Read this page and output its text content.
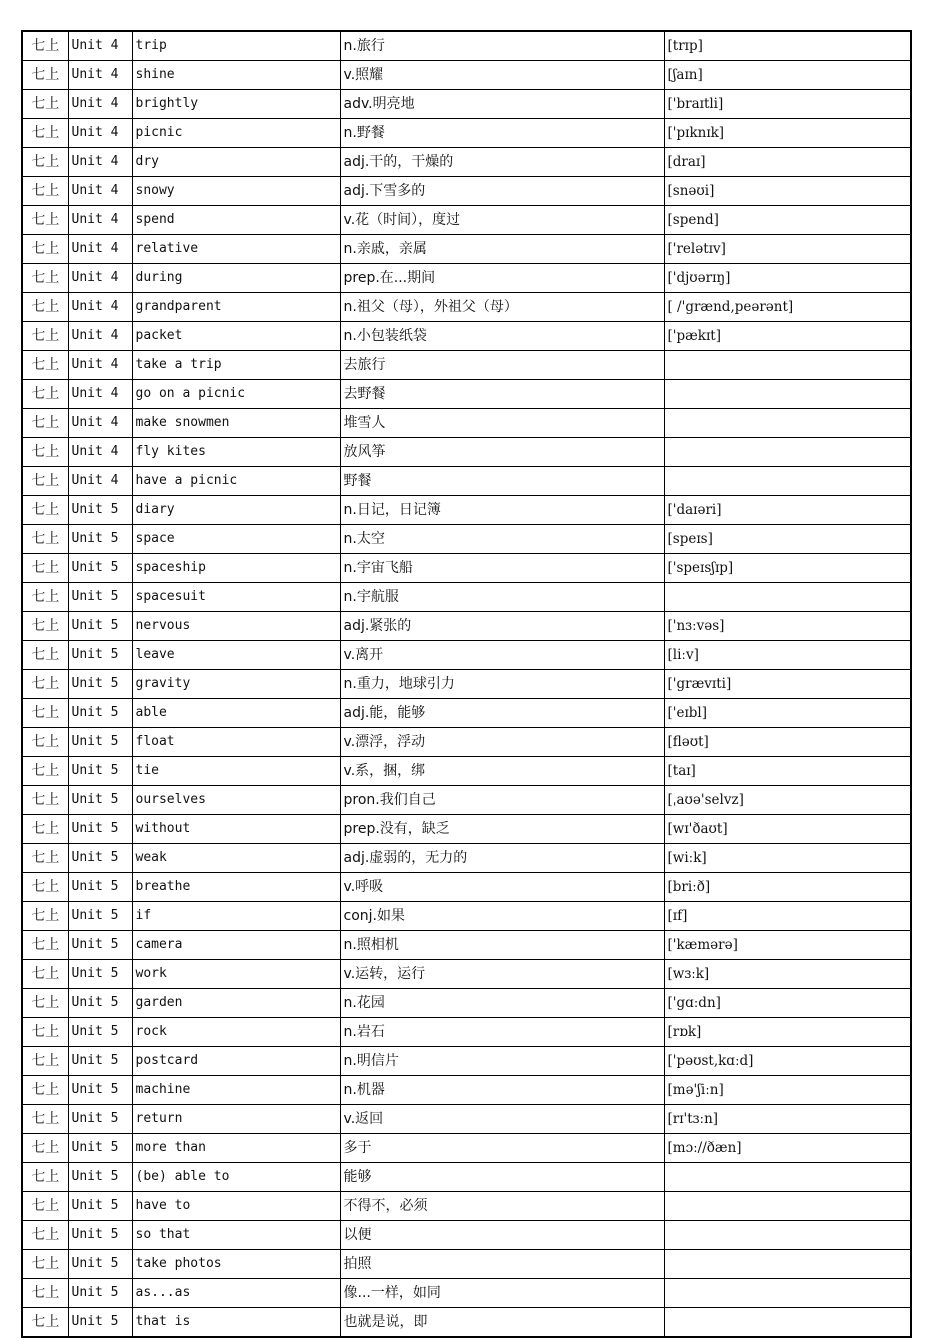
七上	Unit 4	trip	n.旅行	[trɪp]
七上	Unit 4	shine	v.照耀	[ʃaɪn]
七上	Unit 4	brightly	adv.明亮地	['braɪtli]
七上	Unit 4	picnic	n.野餐	['pɪknɪk]
七上	Unit 4	dry	adj.干的，干燥的	[draɪ]
七上	Unit 4	snowy	adj.下雪多的	[snəʊi]
七上	Unit 4	spend	v.花（时间），度过	[spend]
七上	Unit 4	relative	n.亲戚，亲属	['relətɪv]
七上	Unit 4	during	prep.在...期间	['djʊərɪŋ]
七上	Unit 4	grandparent	n.祖父（母），外祖父（母）	[ /'grænd,peərənt]
七上	Unit 4	packet	n.小包装纸袋	['pækɪt]
七上	Unit 4	take a trip	去旅行	
七上	Unit 4	go on a picnic	去野餐	
七上	Unit 4	make snowmen	堆雪人	
七上	Unit 4	fly kites	放风筝	
七上	Unit 4	have a picnic	野餐	
七上	Unit 5	diary	n.日记，日记簿	['daɪəri]
七上	Unit 5	space	n.太空	[speɪs]
七上	Unit 5	spaceship	n.宇宙飞船	['speɪsʃɪp]
七上	Unit 5	spacesuit	n.宇航服	
七上	Unit 5	nervous	adj.紧张的	['nɜːvəs]
七上	Unit 5	leave	v.离开	[liːv]
七上	Unit 5	gravity	n.重力，地球引力	['grævɪti]
七上	Unit 5	able	adj.能，能够	['eɪbl]
七上	Unit 5	float	v.漂浮，浮动	[fləʊt]
七上	Unit 5	tie	v.系，捆，绑	[taɪ]
七上	Unit 5	ourselves	pron.我们自己	[ˌaʊə'selvz]
七上	Unit 5	without	prep.没有，缺乏	[wɪ'ðaʊt]
七上	Unit 5	weak	adj.虚弱的，无力的	[wiːk]
七上	Unit 5	breathe	v.呼吸	[briːð]
七上	Unit 5	if	conj.如果	[ɪf]
七上	Unit 5	camera	n.照相机	['kæmərə]
七上	Unit 5	work	v.运转，运行	[wɜːk]
七上	Unit 5	garden	n.花园	['gɑːdn]
七上	Unit 5	rock	n.岩石	[rɒk]
七上	Unit 5	postcard	n.明信片	['pəʊst,kɑːd]
七上	Unit 5	machine	n.机器	[mə'ʃiːn]
七上	Unit 5	return	v.返回	[rɪ'tɜːn]
七上	Unit 5	more than	多于	[mɔː//ðæn]
七上	Unit 5	(be) able to	能够	
七上	Unit 5	have to	不得不，必须	
七上	Unit 5	so that	以便	
七上	Unit 5	take photos	拍照	
七上	Unit 5	as...as	像...一样，如同	
七上	Unit 5	that is	也就是说，即	
